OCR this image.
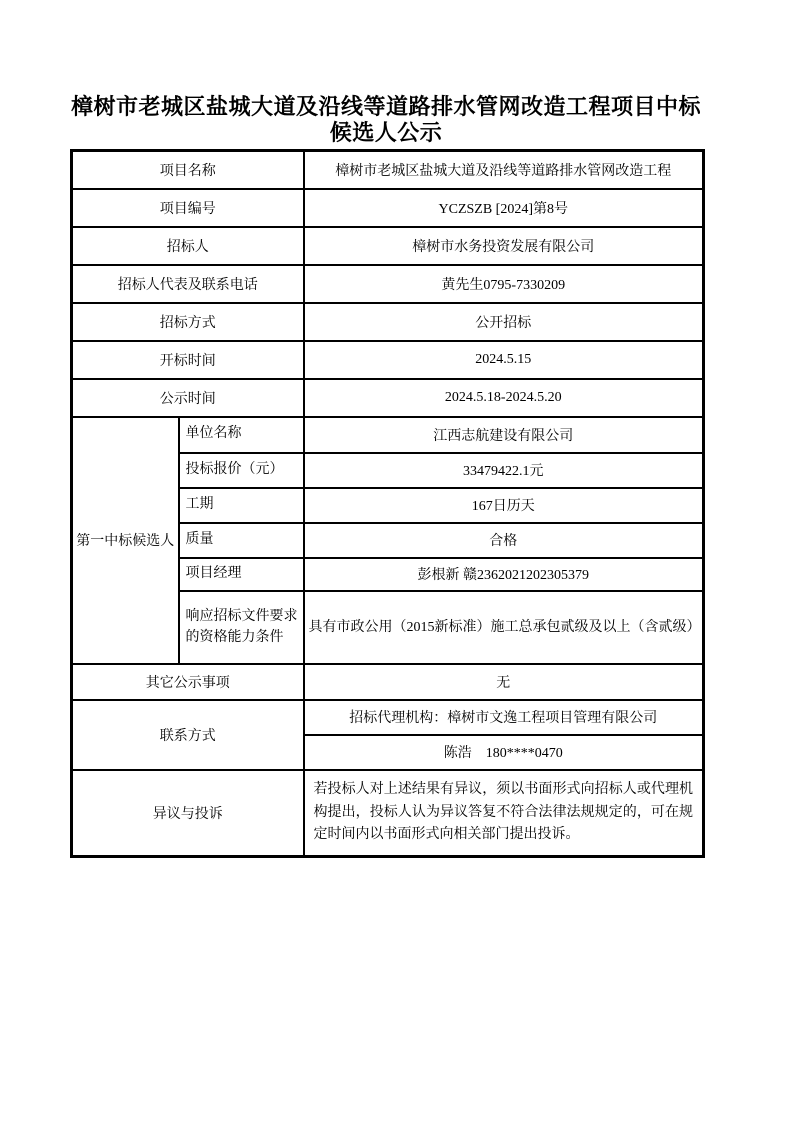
樟树市老城区盐城大道及沿线等道路排水管网改造工程项目中标
候选人公示
项目名称		樟树市老城区盐城大道及沿线等道路排水管网改造工程
项目编号		YCZSZB [2024]第8号
招标人		樟树市水务投资发展有限公司
招标人代表及联系电话		黄先生0795-7330209
招标方式		公开招标
开标时间		2024.5.15
公示时间		2024.5.18-2024.5.20
第一中标候选人	单位名称	江西志航建设有限公司
	投标报价（元）	33479422.1元
	工期	167日历天
	质量	合格
	项目经理	彭根新 赣2362021202305379
	响应招标文件要求的资格能力条件	具有市政公用（2015新标准）施工总承包贰级及以上（含贰级）
其它公示事项		无
联系方式		招标代理机构：樟树市文逸工程项目管理有限公司
		陈浩　180****0470
异议与投诉		若投标人对上述结果有异议，须以书面形式向招标人或代理机构提出，投标人认为异议答复不符合法律法规规定的，可在规定时间内以书面形式向相关部门提出投诉。
